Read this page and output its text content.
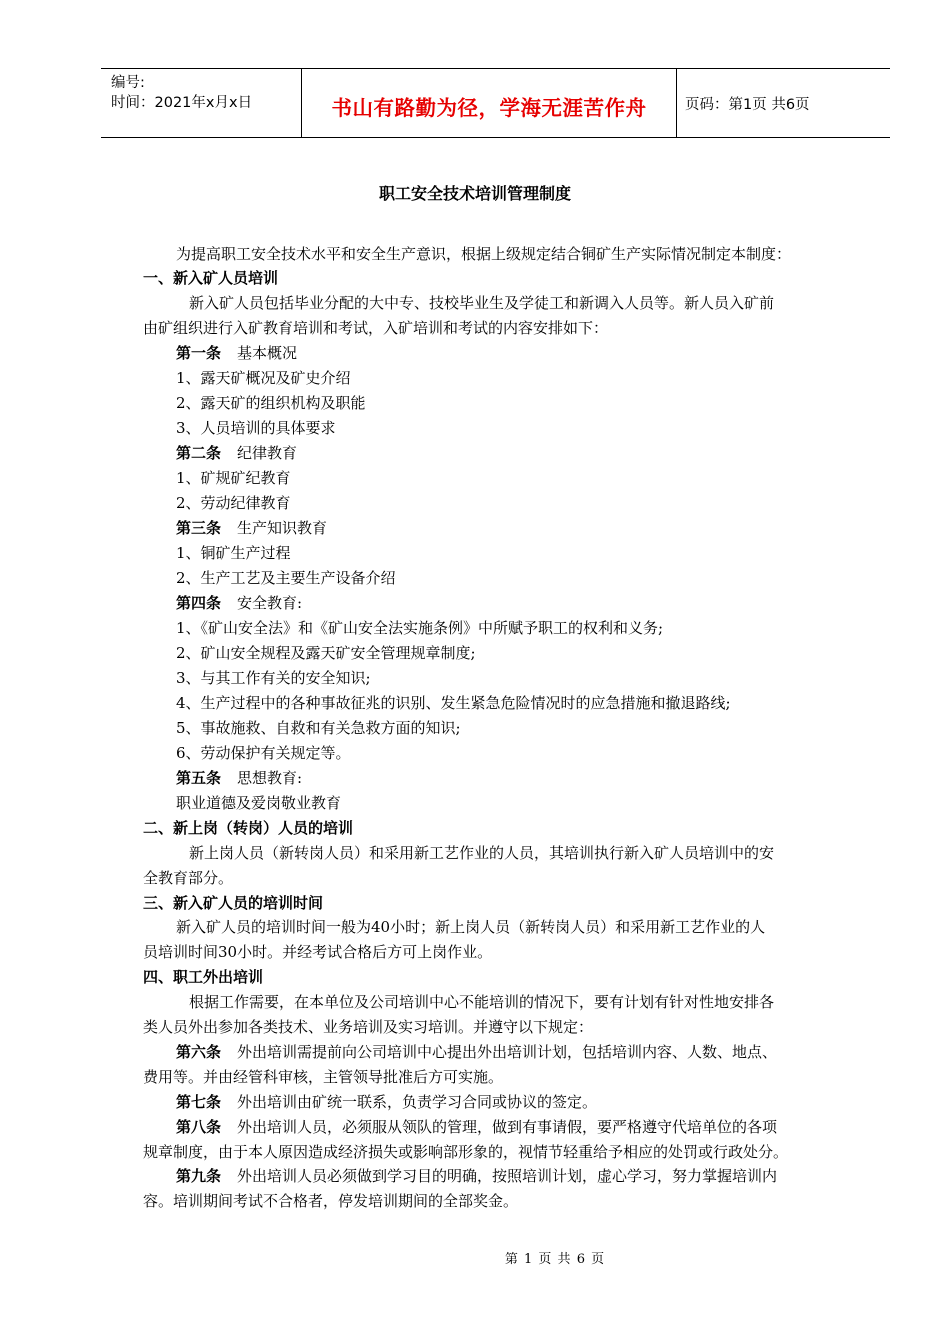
编号:
时间：2021年x月x日	书山有路勤为径，学海无涯苦作舟	页码：第1页 共6页
职工安全技术培训管理制度
为提高职工安全技术水平和安全生产意识，根据上级规定结合铜矿生产实际情况制定本制度：
一、新入矿人员培训
新入矿人员包括毕业分配的大中专、技校毕业生及学徒工和新调入人员等。新人员入矿前
由矿组织进行入矿教育培训和考试，入矿培训和考试的内容安排如下：
第一条 基本概况
1、露天矿概况及矿史介绍
2、露天矿的组织机构及职能
3、人员培训的具体要求
第二条 纪律教育
1、矿规矿纪教育
2、劳动纪律教育
第三条 生产知识教育
1、铜矿生产过程
2、生产工艺及主要生产设备介绍
第四条 安全教育:
1、《矿山安全法》和《矿山安全法实施条例》中所赋予职工的权利和义务;
2、矿山安全规程及露天矿安全管理规章制度;
3、与其工作有关的安全知识;
4、生产过程中的各种事故征兆的识别、发生紧急危险情况时的应急措施和撤退路线;
5、事故施救、自救和有关急救方面的知识;
6、劳动保护有关规定等。
第五条 思想教育:
职业道德及爱岗敬业教育
二、新上岗（转岗）人员的培训
新上岗人员（新转岗人员）和采用新工艺作业的人员，其培训执行新入矿人员培训中的安
全教育部分。
三、新入矿人员的培训时间
新入矿人员的培训时间一般为40小时；新上岗人员（新转岗人员）和采用新工艺作业的人
员培训时间30小时。并经考试合格后方可上岗作业。
四、职工外出培训
根据工作需要，在本单位及公司培训中心不能培训的情况下，要有计划有针对性地安排各
类人员外出参加各类技术、业务培训及实习培训。并遵守以下规定：
第六条 外出培训需提前向公司培训中心提出外出培训计划，包括培训内容、人数、地点、
费用等。并由经管科审核，主管领导批准后方可实施。
第七条 外出培训由矿统一联系，负责学习合同或协议的签定。
第八条 外出培训人员，必须服从领队的管理，做到有事请假，要严格遵守代培单位的各项
规章制度，由于本人原因造成经济损失或影响部形象的，视情节轻重给予相应的处罚或行政处分。
第九条 外出培训人员必须做到学习目的明确，按照培训计划，虚心学习，努力掌握培训内
容。培训期间考试不合格者，停发培训期间的全部奖金。
第 1 页 共 6 页
